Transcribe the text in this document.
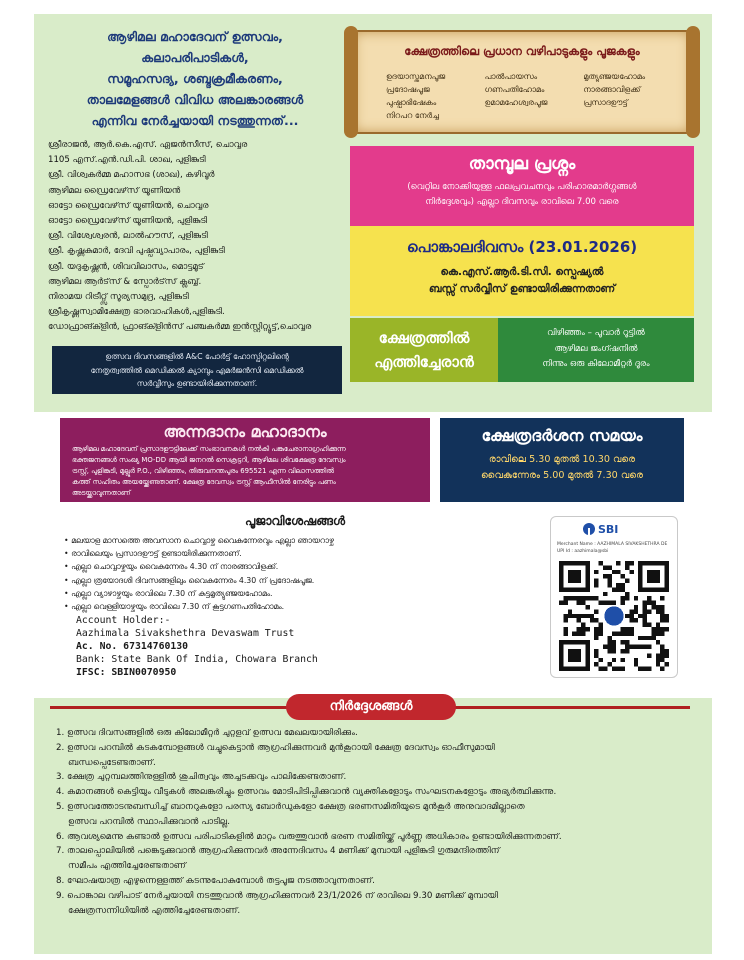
ആഴിമല മഹാദേവന് ഉത്സവം,
കലാപരിപാടികൾ,
സമൂഹസദ്യ, ശബ്ദക്രമീകരണം,
താലമേളങ്ങൾ വിവിധ അലങ്കാരങ്ങൾ
എന്നിവ നേർച്ചയായി നടത്തുന്നത്...
ക്ഷേത്രത്തിലെ പ്രധാന വഴിപാടുകളും പൂജകളും
ഉദയാസ്തമനപൂജ	പാൽപായസം	മൃത്യുഞ്ജയഹോമം
പ്രദോഷപൂജ	ഗണപതിഹോമം	നാരങ്ങാവിളക്ക്
പുഷ്പാഭിഷേകം	ഉമാമഹേശ്വരപൂജ	പ്രസാദഊട്ട്
നിറപറ നേർച്ച
ശ്രീരാജൻ, ആർ.കെ.എസ്. ഏജൻസീസ്, ചൊവ്വര
1105 എസ്.എൻ.ഡി.പി. ശാഖ, പുളിങ്കുടി
ശ്രീ. വിശ്വകർമ്മ മഹാസഭ (ശാഖ), കഴിവൂർ
ആഴിമല ഡ്രൈവേഴ്‌സ് യൂണിയൻ
ഓട്ടോ ഡ്രൈവേഴ്‌സ് യൂണിയൻ, ചൊവ്വര
ഓട്ടോ ഡ്രൈവേഴ്‌സ് യൂണിയൻ, പുളിങ്കുടി
ശ്രീ. വിശ്വേശ്വരൻ, ലാൽഹൗസ്, പുളിങ്കുടി
ശ്രീ. കൃഷ്ണകുമാർ, ദേവി പുഷ്പവ്യാപാരം, പുളിങ്കുടി
ശ്രീ. യദുകൃഷ്ണൻ, ശിവവിലാസം, മൊട്ടമൂട്
ആഴിമല ആർട്‌സ് & സ്പോർട്‌സ് ക്ലബ്ബ്.
നിരാമയ റിട്രീറ്റ്സ് സൂര്യസമുദ്ര, പുളിങ്കുടി
ശ്രീകൃഷ്ണസ്വാമിക്ഷേത്ര ഭാരവാഹികൾ,പുളിങ്കുടി.
ഡോഫ്രാങ്ക്ളിൻ, ഫ്രാങ്ക്ളിൻസ് പഞ്ചകർമ്മ ഇൻസ്റ്റിറ്റ്യൂട്ട്,ചൊവ്വര
ഉത്സവ ദിവസങ്ങളിൽ A&C പോർട്ട് ഹോസ്പിറ്റലിന്റെ
നേതൃത്വത്തിൽ മെഡിക്കൽ ക്യാമ്പും എമർജൻസി മെഡിക്കൽ
സർവ്വീസും ഉണ്ടായിരിക്കുന്നതാണ്.
താമ്പൂല പ്രശ്നം
(വെറ്റില നോക്കിയുള്ള ഫലപ്രവചനവും പരിഹാരമാർഗ്ഗങ്ങൾ
നിർദ്ദേശവും) എല്ലാ ദിവസവും രാവിലെ 7.00 വരെ
പൊങ്കാലദിവസം (23.01.2026)
കെ.എസ്.ആർ.ടി.സി. സ്പെഷ്യൽ
ബസ്സ് സർവ്വീസ് ഉണ്ടായിരിക്കുന്നതാണ്
ക്ഷേത്രത്തിൽ
എത്തിച്ചേരാൻ
വിഴിഞ്ഞം – പൂവാർ റൂട്ടിൽ
ആഴിമല ജംഗ്ഷനിൽ
നിന്നും ഒരു കിലോമീറ്റർ ദൂരം
അന്നദാനം മഹാദാനം
ആഴിമല മഹാദേവന് പ്രസാദഊട്ടിലേക്ക് സംഭാവനകൾ നൽകി പങ്കുചേരാനാഗ്രഹിക്കുന്ന
ഭക്തജനങ്ങൾ സംഖ്യ MO-DD ആയി ജനറൽ സെക്രട്ടറി, ആഴിമല ശിവക്ഷേത്ര ദേവസ്വം
ട്രസ്റ്റ്, പുളിങ്കുടി, മുല്ലൂർ P.O., വിഴിഞ്ഞം, തിരുവനന്തപുരം 695521 എന്ന വിലാസത്തിൽ
കത്ത് സഹിതം അയയ്ക്കേണ്ടതാണ്. ക്ഷേത്ര ദേവസ്വം ട്രസ്റ്റ് ആഫീസിൽ നേരിട്ടും പണം
അടയ്ക്കാവുന്നതാണ്
ക്ഷേത്രദർശന സമയം
രാവിലെ 5.30 മുതൽ 10.30 വരെ
വൈകുന്നേരം 5.00 മുതൽ 7.30 വരെ
പൂജാവിശേഷങ്ങൾ
• മലയാള മാസത്തെ അവസാന ചൊവ്വാഴ്ച വൈകുന്നേരവും എല്ലാ ഞായറാഴ്ച
• രാവിലെയും പ്രസാദഊട്ട് ഉണ്ടായിരിക്കുന്നതാണ്.
• എല്ലാ ചൊവ്വാഴ്ചയും വൈകുന്നേരം 4.30 ന് നാരങ്ങാവിളക്ക്.
• എല്ലാ ത്രയോദശി ദിവസങ്ങളിലും വൈകുന്നേരം 4.30 ന് പ്രദോഷപൂജ.
• എല്ലാ വ്യാഴാഴ്ചയും രാവിലെ 7.30 ന് കുട്ടമൃത്യുഞ്ജയഹോമം.
• എല്ലാ വെള്ളിയാഴ്ചയും രാവിലെ 7.30 ന് കൂട്ടഗണപതിഹോമം.
Account Holder:-
Aazhimala Sivakshethra Devaswam Trust
Ac. No. 67314760130
Bank: State Bank Of India, Chowara Branch
IFSC: SBIN0070950
SBI
Merchant Name : AAZHIMALA SIVAKSHETHRA DE
UPI Id : aazhimala@sbi
നിർദ്ദേശങ്ങൾ
1. ഉത്സവ ദിവസങ്ങളിൽ ഒരു കിലോമീറ്റർ ചുറ്റളവ് ഉത്സവ മേഖലയായിരിക്കും.
2. ഉത്സവ പറമ്പിൽ കടകമ്പോളങ്ങൾ വച്ചുകെട്ടാൻ ആഗ്രഹിക്കുന്നവർ മുൻകൂറായി ക്ഷേത്ര ദേവസ്വം ഓഫീസുമായി
ബന്ധപ്പെടേണ്ടതാണ്.
3. ക്ഷേത്ര ചുറ്റമ്പലത്തിനുള്ളിൽ ശുചിത്വവും അച്ചടക്കവും പാലിക്കേണ്ടതാണ്.
4. കമാനങ്ങൾ കെട്ടിയും വീടുകൾ അലങ്കരിച്ചും ഉത്സവം മോടിപിടിപ്പിക്കുവാൻ വ്യക്തികളോടും സംഘടനകളോടും അഭ്യർത്ഥിക്കുന്നു.
5. ഉത്സവത്തോടനുബന്ധിച്ച് ബാനറുകളോ പരസ്യ ബോർഡുകളോ ക്ഷേത്ര ഭരണസമിതിയുടെ മുൻകൂർ അനുവാദമില്ലാതെ
ഉത്സവ പറമ്പിൽ സ്ഥാപിക്കുവാൻ പാടില്ല.
6. ആവശ്യമെന്നു കണ്ടാൽ ഉത്സവ പരിപാടികളിൽ മാറ്റം വരുത്തുവാൻ ഭരണ സമിതിയ്ക്ക് പൂർണ്ണ അധികാരം ഉണ്ടായിരിക്കുന്നതാണ്.
7. താലപ്പൊലിയിൽ പങ്കെടുക്കുവാൻ ആഗ്രഹിക്കുന്നവർ അന്നേദിവസം 4 മണിക്ക് മുമ്പായി പുളിങ്കുടി ഗുരുമന്ദിരത്തിന്
സമീപം എത്തിച്ചേരേണ്ടതാണ്
8. ഘോഷയാത്ര എഴുന്നെള്ളത്ത് കടന്നുപോകുമ്പോൾ തട്ടപൂജ നടത്താവുന്നതാണ്.
9. പൊങ്കാല വഴിപാട് നേർച്ചയായി നടത്തുവാൻ ആഗ്രഹിക്കുന്നവർ 23/1/2026 ന് രാവിലെ 9.30 മണിക്ക് മുമ്പായി
ക്ഷേത്രസന്നിധിയിൽ എത്തിച്ചേരേണ്ടതാണ്.
